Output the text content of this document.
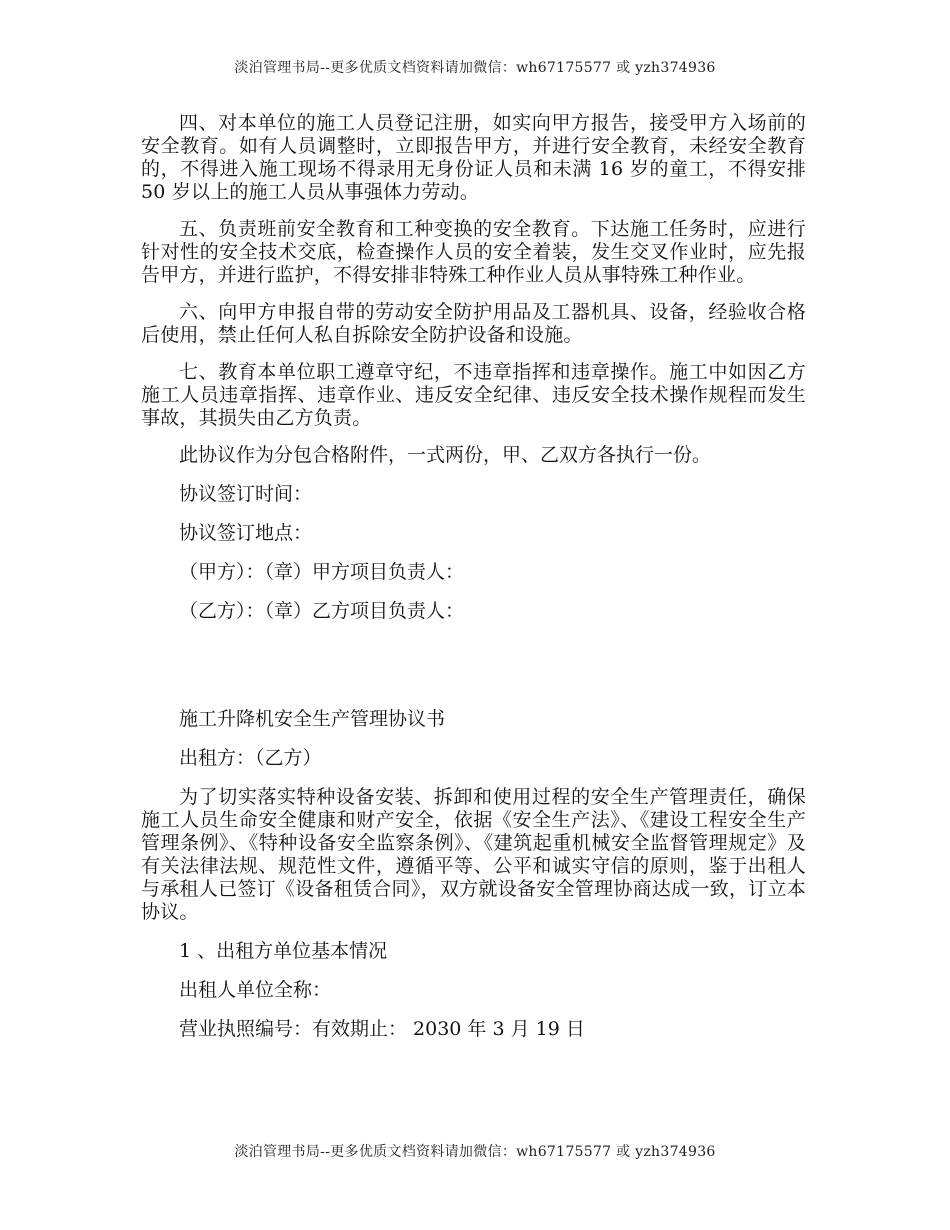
淡泊管理书局--更多优质文档资料请加微信：wh67175577 或 yzh374936

四、对本单位的施工人员登记注册，如实向甲方报告，接受甲方入场前的安全教育。如有人员调整时，立即报告甲方，并进行安全教育，未经安全教育的，不得进入施工现场不得录用无身份证人员和未满 16 岁的童工，不得安排 50 岁以上的施工人员从事强体力劳动。

五、负责班前安全教育和工种变换的安全教育。下达施工任务时，应进行针对性的安全技术交底，检查操作人员的安全着装，发生交叉作业时，应先报告甲方，并进行监护，不得安排非特殊工种作业人员从事特殊工种作业。

六、向甲方申报自带的劳动安全防护用品及工器机具、设备，经验收合格后使用，禁止任何人私自拆除安全防护设备和设施。

七、教育本单位职工遵章守纪，不违章指挥和违章操作。施工中如因乙方施工人员违章指挥、违章作业、违反安全纪律、违反安全技术操作规程而发生事故，其损失由乙方负责。

此协议作为分包合格附件，一式两份，甲、乙双方各执行一份。

协议签订时间：

协议签订地点：

（甲方）：（章）甲方项目负责人：

（乙方）：（章）乙方项目负责人：

施工升降机安全生产管理协议书

出租方：（乙方）

为了切实落实特种设备安装、拆卸和使用过程的安全生产管理责任，确保施工人员生命安全健康和财产安全，依据《安全生产法》、《建设工程安全生产管理条例》、《特种设备安全监察条例》、《建筑起重机械安全监督管理规定》及有关法律法规、规范性文件，遵循平等、公平和诚实守信的原则，鉴于出租人与承租人已签订《设备租赁合同》，双方就设备安全管理协商达成一致，订立本协议。

1 、出租方单位基本情况

出租人单位全称：

营业执照编号：有效期止： 2030 年 3 月 19 日

淡泊管理书局--更多优质文档资料请加微信：wh67175577 或 yzh374936
